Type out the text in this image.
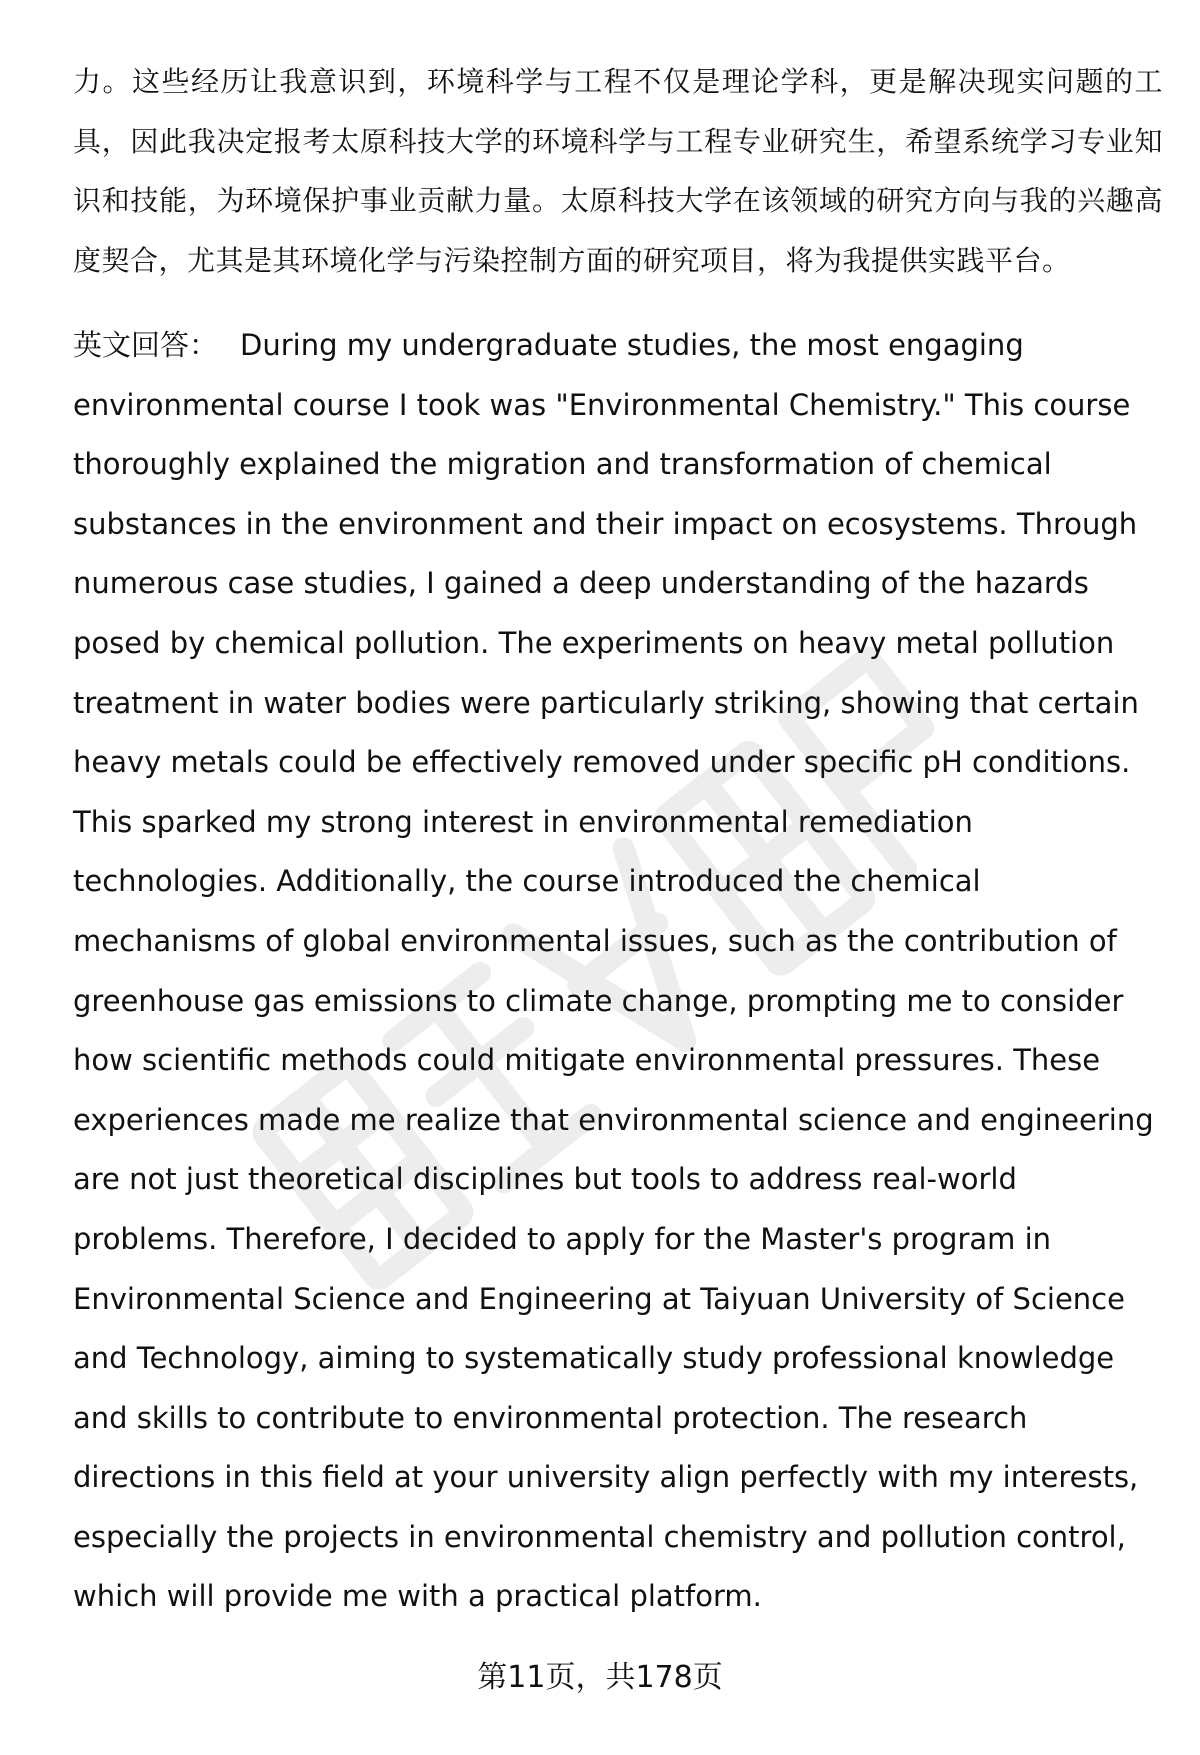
力。这些经历让我意识到，环境科学与工程不仅是理论学科，更是解决现实问题的工具，因此我决定报考太原科技大学的环境科学与工程专业研究生，希望系统学习专业知识和技能，为环境保护事业贡献力量。太原科技大学在该领域的研究方向与我的兴趣高度契合，尤其是其环境化学与污染控制方面的研究项目，将为我提供实践平台。

英文回答： During my undergraduate studies, the most engaging environmental course I took was "Environmental Chemistry." This course thoroughly explained the migration and transformation of chemical substances in the environment and their impact on ecosystems. Through numerous case studies, I gained a deep understanding of the hazards posed by chemical pollution. The experiments on heavy metal pollution treatment in water bodies were particularly striking, showing that certain heavy metals could be effectively removed under specific pH conditions. This sparked my strong interest in environmental remediation technologies. Additionally, the course introduced the chemical mechanisms of global environmental issues, such as the contribution of greenhouse gas emissions to climate change, prompting me to consider how scientific methods could mitigate environmental pressures. These experiences made me realize that environmental science and engineering are not just theoretical disciplines but tools to address real-world problems. Therefore, I decided to apply for the Master's program in Environmental Science and Engineering at Taiyuan University of Science and Technology, aiming to systematically study professional knowledge and skills to contribute to environmental protection. The research directions in this field at your university align perfectly with my interests, especially the projects in environmental chemistry and pollution control, which will provide me with a practical platform.

第11页，共178页
